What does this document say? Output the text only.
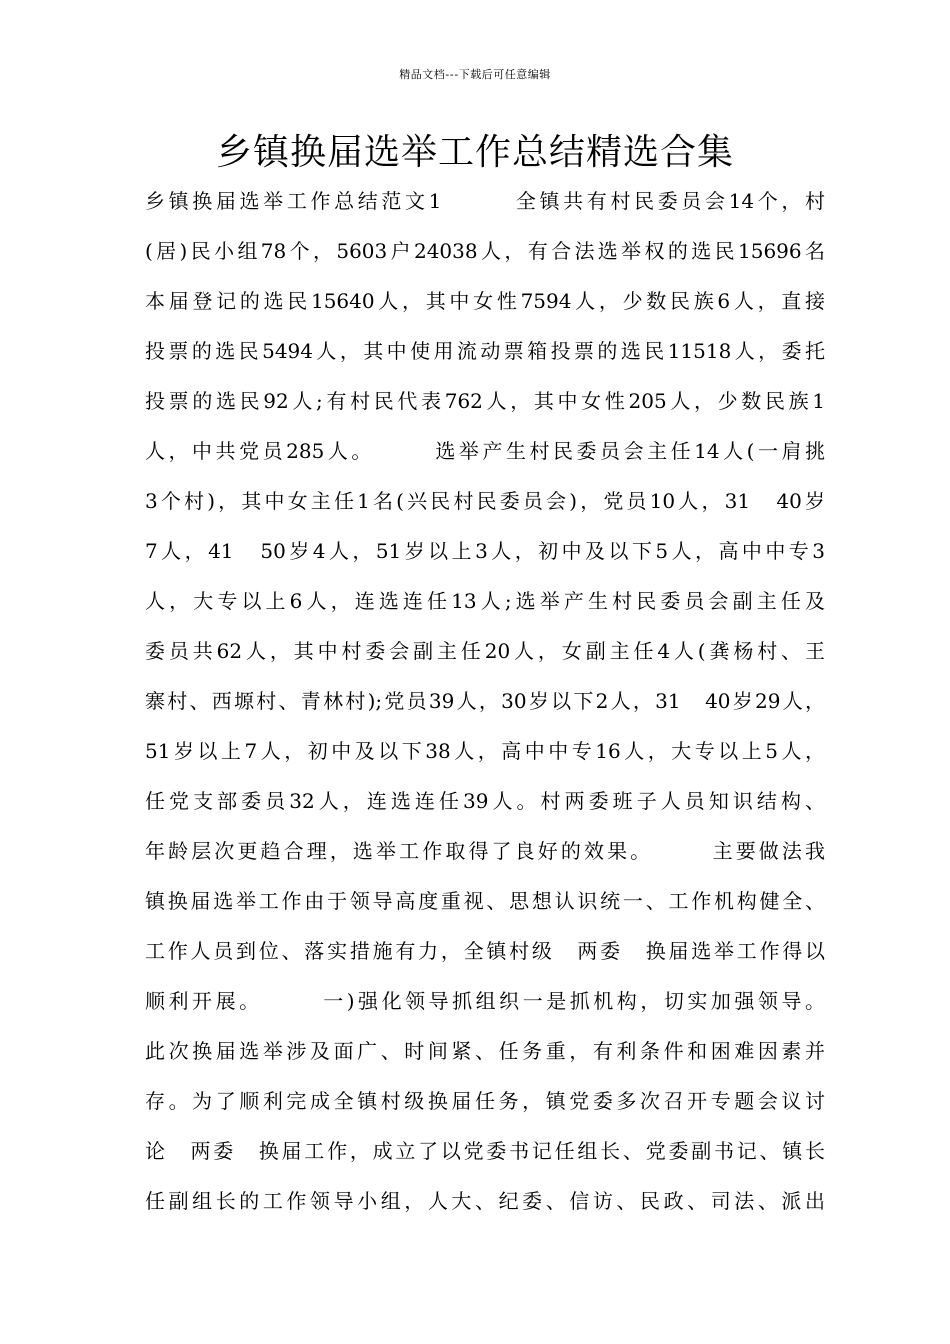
精品文档---下载后可任意编辑
乡镇换届选举工作总结精选合集
乡镇换届选举工作总结范文1　　　全镇共有村民委员会14个，村
(居)民小组78个，5603户24038人，有合法选举权的选民15696名
本届登记的选民15640人，其中女性7594人，少数民族6人，直接
投票的选民5494人，其中使用流动票箱投票的选民11518人，委托
投票的选民92人;有村民代表762人，其中女性205人，少数民族1
人，中共党员285人。　　　选举产生村民委员会主任14人(一肩挑
3个村)，其中女主任1名(兴民村民委员会)，党员10人，31　40岁
7人，41　50岁4人，51岁以上3人，初中及以下5人，高中中专3
人，大专以上6人，连选连任13人;选举产生村民委员会副主任及
委员共62人，其中村委会副主任20人，女副主任4人(龚杨村、王
寨村、西塬村、青林村);党员39人，30岁以下2人，31　40岁29人，
51岁以上7人，初中及以下38人，高中中专16人，大专以上5人，
任党支部委员32人，连选连任39人。村两委班子人员知识结构、
年龄层次更趋合理，选举工作取得了良好的效果。　　　主要做法我
镇换届选举工作由于领导高度重视、思想认识统一、工作机构健全、
工作人员到位、落实措施有力，全镇村级　两委　换届选举工作得以
顺利开展。　　　一)强化领导抓组织一是抓机构，切实加强领导。
此次换届选举涉及面广、时间紧、任务重，有利条件和困难因素并
存。为了顺利完成全镇村级换届任务，镇党委多次召开专题会议讨
论　两委　换届工作，成立了以党委书记任组长、党委副书记、镇长
任副组长的工作领导小组，人大、纪委、信访、民政、司法、派出
